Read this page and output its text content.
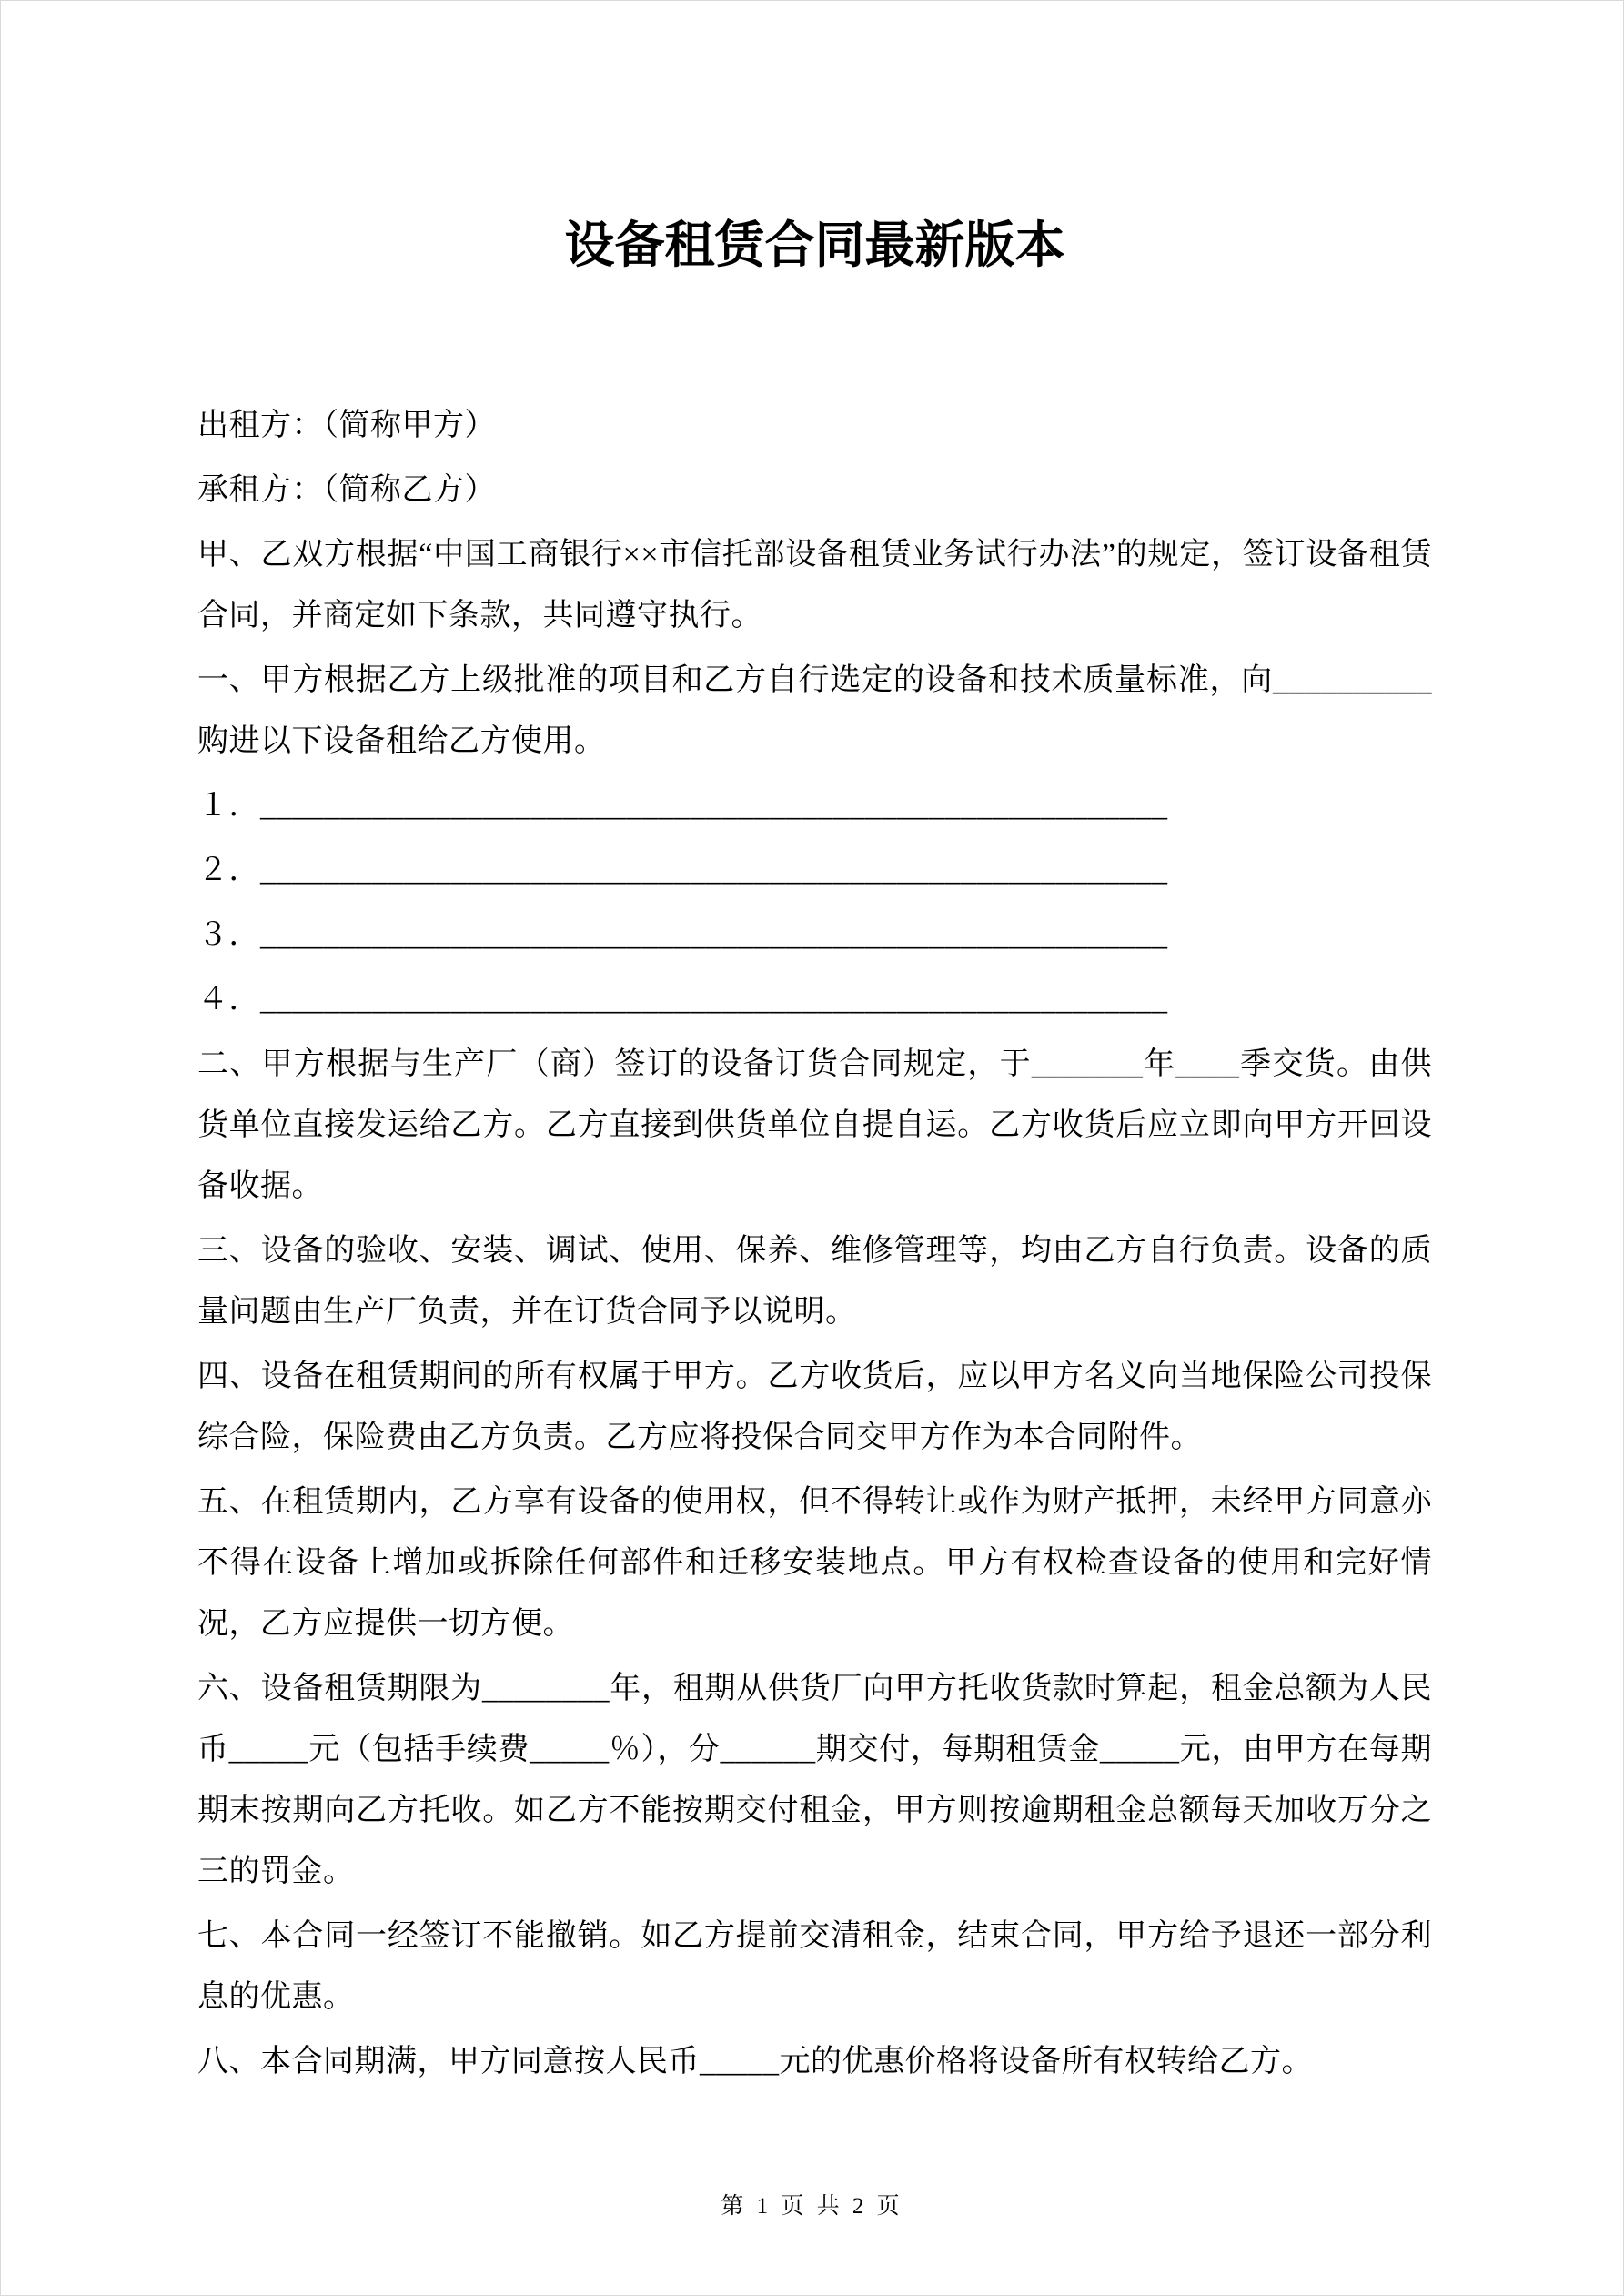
设备租赁合同最新版本

出租方：（简称甲方）

承租方：（简称乙方）

甲、乙双方根据“中国工商银行××市信托部设备租赁业务试行办法”的规定，签订设备租赁合同，并商定如下条款，共同遵守执行。

一、甲方根据乙方上级批准的项目和乙方自行选定的设备和技术质量标准，向__________购进以下设备租给乙方使用。

１．_________________________________________________________

２．_________________________________________________________

３．_________________________________________________________

４．_________________________________________________________

二、甲方根据与生产厂（商）签订的设备订货合同规定，于_______年____季交货。由供货单位直接发运给乙方。乙方直接到供货单位自提自运。乙方收货后应立即向甲方开回设备收据。

三、设备的验收、安装、调试、使用、保养、维修管理等，均由乙方自行负责。设备的质量问题由生产厂负责，并在订货合同予以说明。

四、设备在租赁期间的所有权属于甲方。乙方收货后，应以甲方名义向当地保险公司投保综合险，保险费由乙方负责。乙方应将投保合同交甲方作为本合同附件。

五、在租赁期内，乙方享有设备的使用权，但不得转让或作为财产抵押，未经甲方同意亦不得在设备上增加或拆除任何部件和迁移安装地点。甲方有权检查设备的使用和完好情况，乙方应提供一切方便。

六、设备租赁期限为________年，租期从供货厂向甲方托收货款时算起，租金总额为人民币_____元（包括手续费_____％），分______期交付，每期租赁金_____元，由甲方在每期期末按期向乙方托收。如乙方不能按期交付租金，甲方则按逾期租金总额每天加收万分之三的罚金。

七、本合同一经签订不能撤销。如乙方提前交清租金，结束合同，甲方给予退还一部分利息的优惠。

八、本合同期满，甲方同意按人民币_____元的优惠价格将设备所有权转给乙方。

第 1 页 共 2 页
